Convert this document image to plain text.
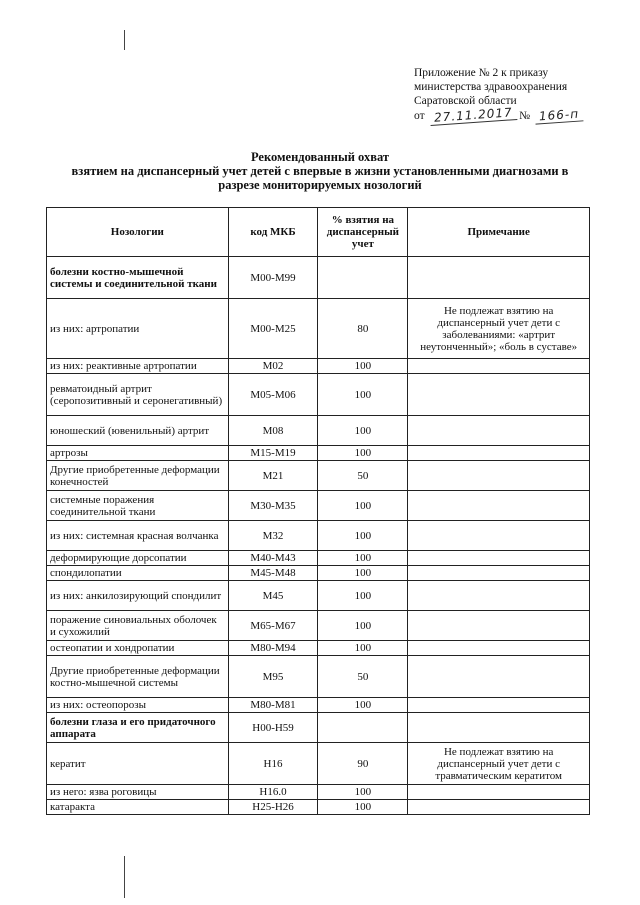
Приложение № 2 к приказу
министерства здравоохранения
Саратовской области
от 27.11.2017 № 166-п
Рекомендованный охват
взятием на диспансерный учет детей с впервые в жизни установленными диагнозами в
разрезе мониторируемых нозологий
Нозологии	код МКБ	% взятия на диспансерный учет	Примечание
болезни костно-мышечной системы и соединительной ткани	M00-M99		
из них: артропатии	M00-M25	80	Не подлежат взятию на диспансерный учет дети с заболеваниями: «артрит неутонченный»; «боль в суставе»
из них: реактивные артропатии	M02	100	
ревматоидный артрит (серопозитивный и серонегативный)	M05-M06	100	
юношеский (ювенильный) артрит	M08	100	
артрозы	M15-M19	100	
Другие приобретенные деформации конечностей	M21	50	
системные поражения соединительной ткани	M30-M35	100	
из них: системная красная волчанка	M32	100	
деформирующие дорсопатии	M40-M43	100	
спондилопатии	M45-M48	100	
из них: анкилозирующий спондилит	M45	100	
поражение синовиальных оболочек и сухожилий	M65-M67	100	
остеопатии и хондропатии	M80-M94	100	
Другие приобретенные деформации костно-мышечной системы	M95	50	
из них: остеопорозы	M80-M81	100	
болезни глаза и его придаточного аппарата	H00-H59		
кератит	H16	90	Не подлежат взятию на диспансерный учет дети с травматическим кератитом
из него: язва роговицы	H16.0	100	
катаракта	H25-H26	100	
